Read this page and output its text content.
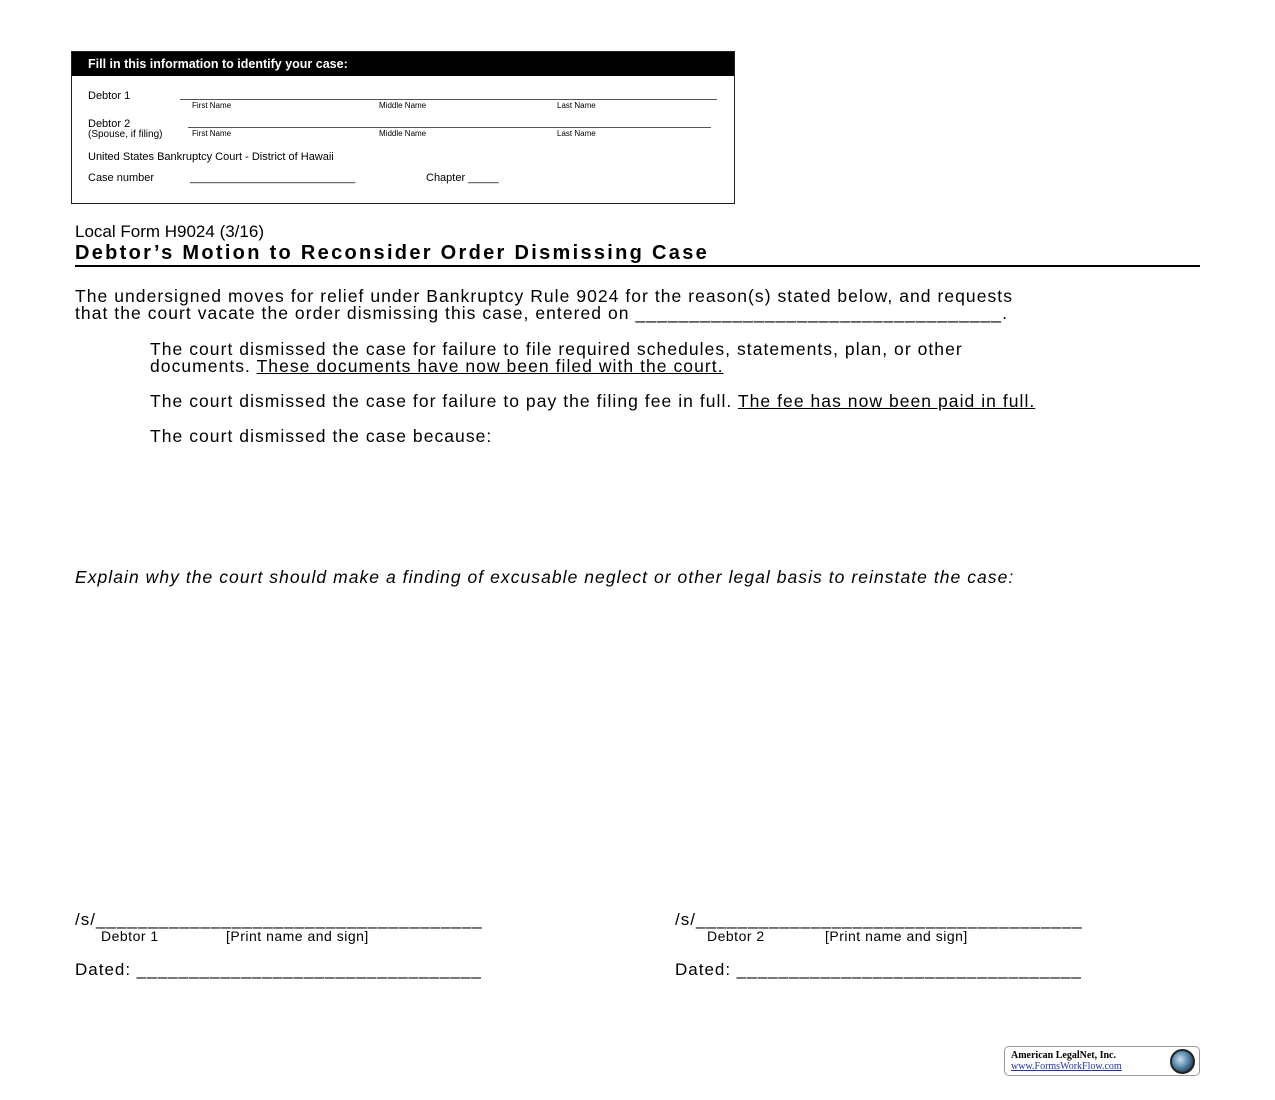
Fill in this information to identify your case:
Debtor 1
First Name	Middle Name	Last Name
Debtor 2
(Spouse, if filing)	First Name	Middle Name	Last Name
United States Bankruptcy Court - District of Hawaii
Case number	___________________________	Chapter _____
Local Form H9024 (3/16)
Debtor’s Motion to Reconsider Order Dismissing Case
The undersigned moves for relief under Bankruptcy Rule 9024 for the reason(s) stated below, and requests
that the court vacate the order dismissing this case, entered on __________________________________.
The court dismissed the case for failure to file required schedules, statements, plan, or other
documents. These documents have now been filed with the court.
The court dismissed the case for failure to pay the filing fee in full. The fee has now been paid in full.
The court dismissed the case because:
Explain why the court should make a finding of excusable neglect or other legal basis to reinstate the case:
/s/_____________________________________
Debtor 1	[Print name and sign]
Dated: _________________________________
/s/_____________________________________
Debtor 2	[Print name and sign]
Dated: _________________________________
American LegalNet, Inc.
www.FormsWorkFlow.com
